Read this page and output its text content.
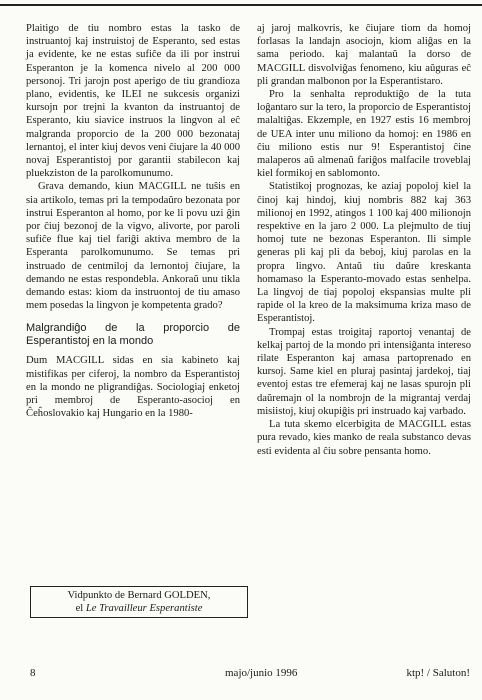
Plaitigo de tiu nombro estas la tasko de instruantoj kaj instruistoj de Esperanto, sed estas ja evidente, ke ne estas sufiĉe da ili por instrui Esperanton je la komenca nivelo al 200 000 personoj. Tri jarojn post aperigo de tiu grandioza plano, evidentis, ke ILEI ne sukcesis organizi kursojn por trejni la kvanton da instruantoj de Esperanto, kiu siavice instruos la lingvon al eĉ malgranda proporcio de la 200 000 bezonataj lernantoj, el inter kiuj devos veni ĉiujare la 40 000 novaj Esperantistoj por garantii stabilecon kaj pluekziston de la parolkomunumo.

Grava demando, kiun MACGILL ne tuŝis en sia artikolo, temas pri la tempodaŭro bezonata por instrui Esperanton al homo, por ke li povu uzi ĝin por ĉiuj bezonoj de la vigvo, alivorte, por paroli sufiĉe flue kaj tiel fariĝi aktiva membro de la Esperanta parolkomunumo. Se temas pri instruado de centmiloj da lernontoj ĉiujare, la demando ne estas respondebla. Ankoraŭ unu tikla demando estas: kiom da instruontoj de tiu amaso mem posedas la lingvon je kompetenta grado?

Malgrandiĝo de la proporcio de Esperantistoj en la mondo

Dum MACGILL sidas en sia kabineto kaj mistifikas per ciferoj, la nombro da Esperantistoj en la mondo ne pligrandiĝas. Sociologiaj enketoj pri membroj de Esperanto-asocioj en Ĉeĥoslovakio kaj Hungario en la 1980-

Vidpunkto de Bernard GOLDEN,
el Le Travailleur Esperantiste

aj jaroj malkovris, ke ĉiujare tiom da homoj forlasas la landajn asociojn, kiom aliĝas en la sama periodo. kaj malantaŭ la dorso de MACGILL disvolviĝas fenomeno, kiu aŭguras eĉ pli grandan malbonon por la Esperantistaro.

Pro la senhalta reproduktiĝo de la tuta loĝantaro sur la tero, la proporcio de Esperantistoj malaltiĝas. Ekzemple, en 1927 estis 16 membroj de UEA inter unu miliono da homoj: en 1986 en ĉiu miliono estis nur 9! Esperantistoj ĉine malaperos aŭ almenaŭ fariĝos malfacile troveblaj kiel formikoj en sablomonto.

Statistikoj prognozas, ke aziaj popoloj kiel la ĉinoj kaj hindoj, kiuj nombris 882 kaj 363 milionoj en 1992, atingos 1 100 kaj 400 milionojn respektive en la jaro 2 000. La plejmulto de tiuj homoj tute ne bezonas Esperanton. Ili simple generas pli kaj pli da beboj, kiuj parolas en la propra lingvo. Antaŭ tiu daŭre kreskanta homamaso la Esperanto-movado estas senhelpa. La lingvoj de tiaj popoloj ekspansias multe pli rapide ol la kreo de la maksimuma kriza maso de Esperantistoj.

Trompaj estas troigitaj raportoj venantaj de kelkaj partoj de la mondo pri intensiĝanta intereso rilate Esperanton kaj amasa partoprenado en kursoj. Same kiel en pluraj pasintaj jardekoj, tiaj eventoj estas tre efemeraj kaj ne lasas spurojn pli daŭremajn ol la nombrojn de la migrantaj verdaj misiistoj, kiuj okupiĝis pri instruado kaj varbado.

La tuta skemo elcerbigita de MACGILL estas pura revado, kies manko de reala substanco devas esti evidenta al ĉiu sobre pensanta homo.

8	majo/junio 1996	ktp! / Saluton!
